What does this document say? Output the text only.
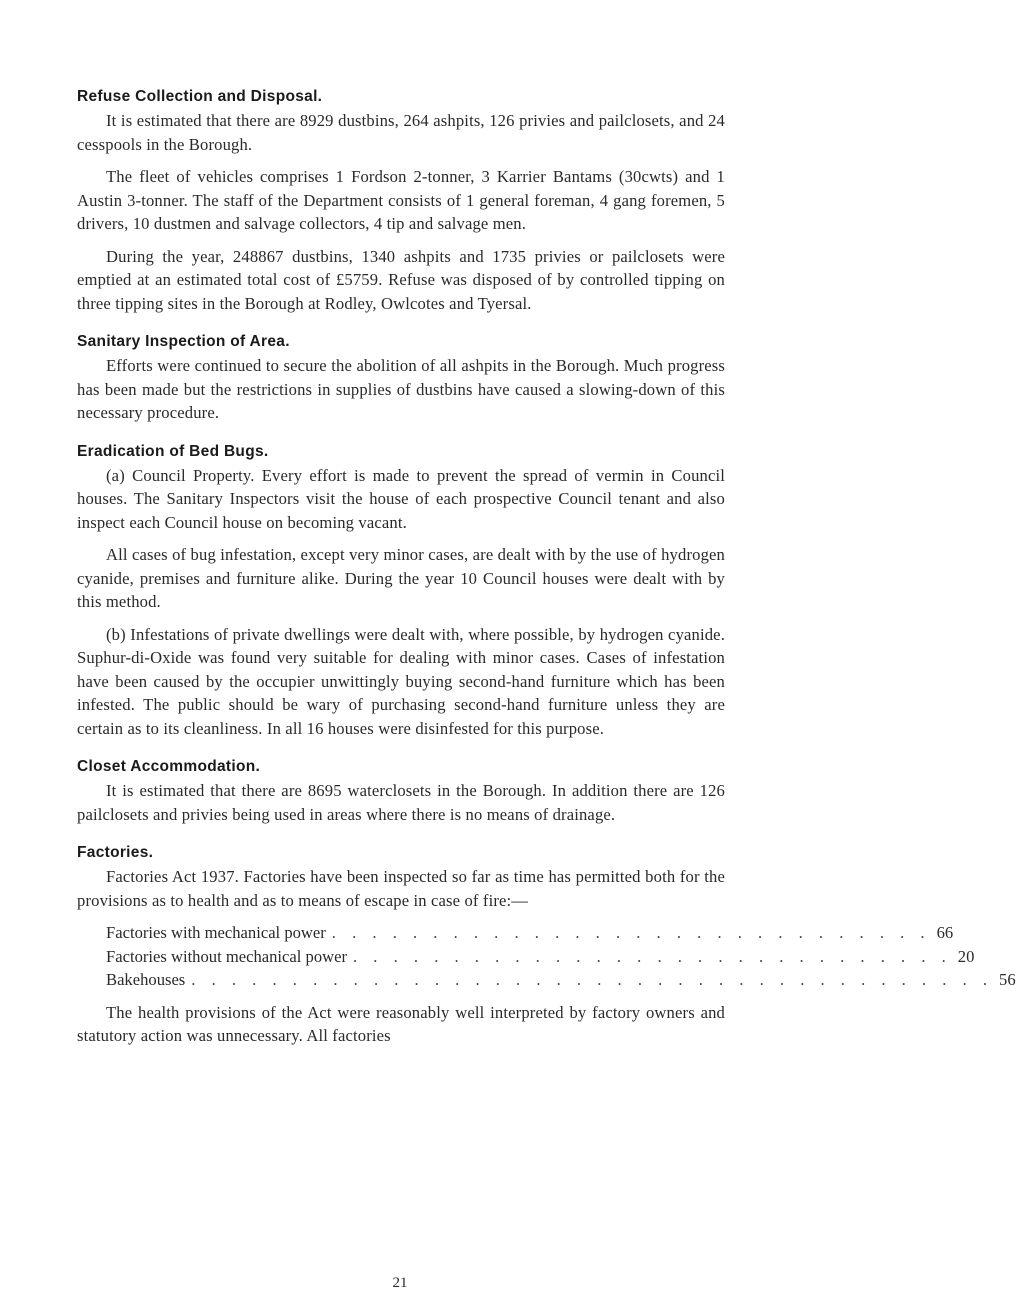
Refuse Collection and Disposal.

It is estimated that there are 8929 dustbins, 264 ashpits, 126 privies and pailclosets, and 24 cesspools in the Borough.

The fleet of vehicles comprises 1 Fordson 2-tonner, 3 Karrier Bantams (30cwts) and 1 Austin 3-tonner. The staff of the Department consists of 1 general foreman, 4 gang foremen, 5 drivers, 10 dustmen and salvage collectors, 4 tip and salvage men.

During the year, 248867 dustbins, 1340 ashpits and 1735 privies or pailclosets were emptied at an estimated total cost of £5759. Refuse was disposed of by controlled tipping on three tipping sites in the Borough at Rodley, Owlcotes and Tyersal.

Sanitary Inspection of Area.

Efforts were continued to secure the abolition of all ashpits in the Borough. Much progress has been made but the restrictions in supplies of dustbins have caused a slowing-down of this necessary procedure.

Eradication of Bed Bugs.

(a) Council Property. Every effort is made to prevent the spread of vermin in Council houses. The Sanitary Inspectors visit the house of each prospective Council tenant and also inspect each Council house on becoming vacant.

All cases of bug infestation, except very minor cases, are dealt with by the use of hydrogen cyanide, premises and furniture alike. During the year 10 Council houses were dealt with by this method.

(b) Infestations of private dwellings were dealt with, where possible, by hydrogen cyanide. Suphur-di-Oxide was found very suitable for dealing with minor cases. Cases of infestation have been caused by the occupier unwittingly buying second-hand furniture which has been infested. The public should be wary of purchasing second-hand furniture unless they are certain as to its cleanliness. In all 16 houses were disinfested for this purpose.

Closet Accommodation.

It is estimated that there are 8695 waterclosets in the Borough. In addition there are 126 pailclosets and privies being used in areas where there is no means of drainage.

Factories.

Factories Act 1937. Factories have been inspected so far as time has permitted both for the provisions as to health and as to means of escape in case of fire:—

Factories with mechanical power . . . . . . . . . . . . . . . . . . . . . . . . . . . . . . 66
Factories without mechanical power . . . . . . . . . . . . . . . . . . . . . . . . . . . . . . 20
Bakehouses . . . . . . . . . . . . . . . . . . . . . . . . . . . . . . . . . . . . . . . . 56

The health provisions of the Act were reasonably well interpreted by factory owners and statutory action was unnecessary. All factories

21
